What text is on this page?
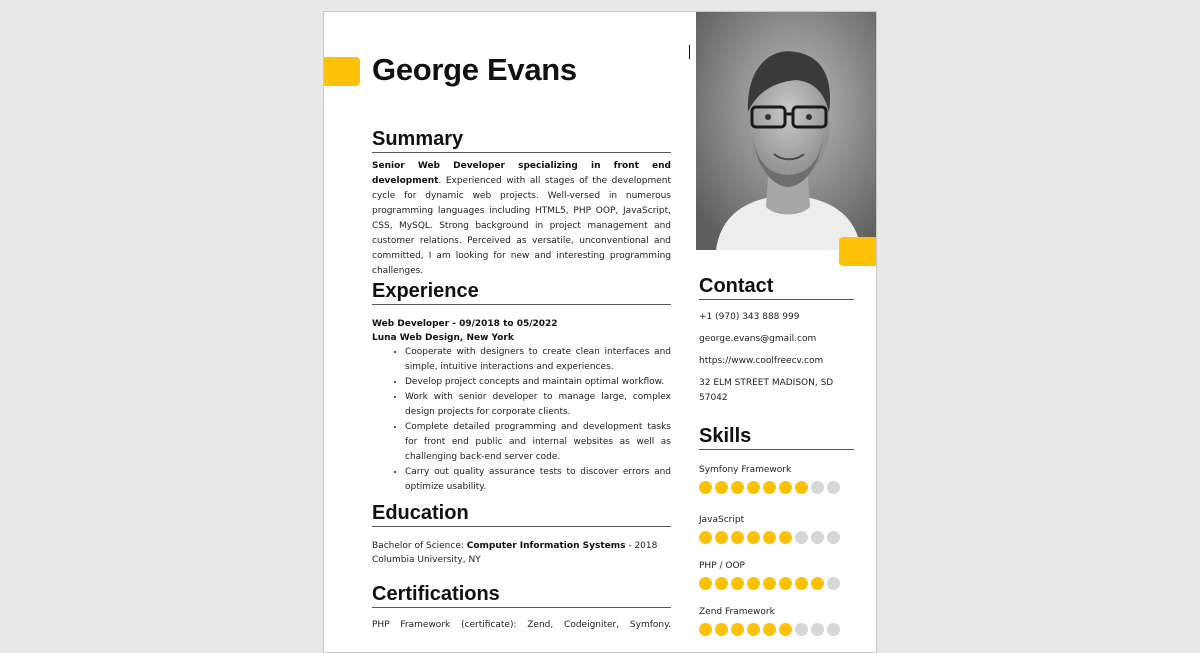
George Evans
Summary

Senior Web Developer specializing in front end development. Experienced with all stages of the development cycle for dynamic web projects. Well-versed in numerous programming languages including HTML5, PHP OOP, JavaScript, CSS, MySQL. Strong background in project management and customer relations. Perceived as versatile, unconventional and committed, I am looking for new and interesting programming challenges.

Experience
Web Developer - 09/2018 to 05/2022
Luna Web Design, New York
• Cooperate with designers to create clean interfaces and simple, intuitive interactions and experiences.
• Develop project concepts and maintain optimal workflow.
• Work with senior developer to manage large, complex design projects for corporate clients.
• Complete detailed programming and development tasks for front end public and internal websites as well as challenging back-end server code.
• Carry out quality assurance tests to discover errors and optimize usability.
Education
Bachelor of Science: Computer Information Systems - 2018
Columbia University, NY
Certifications

PHP Framework (certificate): Zend, Codeigniter, Symfony.

Contact
+1 (970) 343 888 999
george.evans@gmail.com
https://www.coolfreecv.com
32 ELM STREET MADISON, SD 57042
Skills
Symfony Framework
JavaScript
PHP / OOP
Zend Framework
